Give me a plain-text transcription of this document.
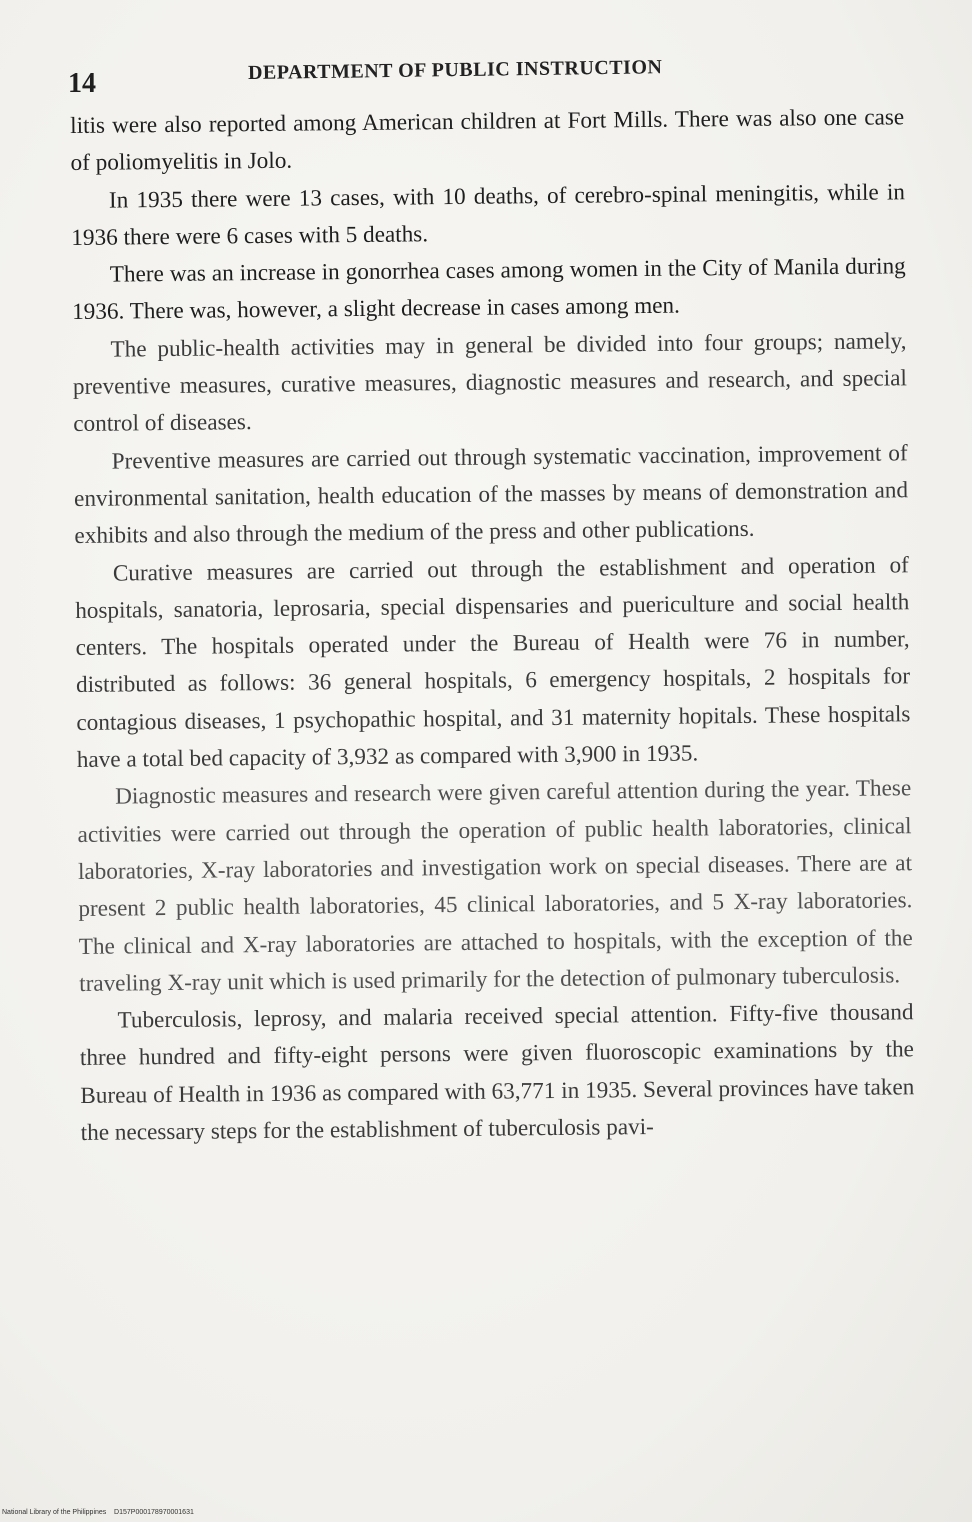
14	DEPARTMENT OF PUBLIC INSTRUCTION

litis were also reported among American children at Fort Mills. There was also one case of poliomyelitis in Jolo.

In 1935 there were 13 cases, with 10 deaths, of cerebro-spinal meningitis, while in 1936 there were 6 cases with 5 deaths.

There was an increase in gonorrhea cases among women in the City of Manila during 1936. There was, however, a slight decrease in cases among men.

The public-health activities may in general be divided into four groups; namely, preventive measures, curative measures, diagnostic measures and research, and special control of diseases.

Preventive measures are carried out through systematic vaccination, improvement of environmental sanitation, health education of the masses by means of demonstration and exhibits and also through the medium of the press and other publications.

Curative measures are carried out through the establishment and operation of hospitals, sanatoria, leprosaria, special dispensaries and puericulture and social health centers. The hospitals operated under the Bureau of Health were 76 in number, distributed as follows: 36 general hospitals, 6 emergency hospitals, 2 hospitals for contagious diseases, 1 psychopathic hospital, and 31 maternity hopitals. These hospitals have a total bed capacity of 3,932 as compared with 3,900 in 1935.

Diagnostic measures and research were given careful attention during the year. These activities were carried out through the operation of public health laboratories, clinical laboratories, X-ray laboratories and investigation work on special diseases. There are at present 2 public health laboratories, 45 clinical laboratories, and 5 X-ray laboratories. The clinical and X-ray laboratories are attached to hospitals, with the exception of the traveling X-ray unit which is used primarily for the detection of pulmonary tuberculosis.

Tuberculosis, leprosy, and malaria received special attention. Fifty-five thousand three hundred and fifty-eight persons were given fluoroscopic examinations by the Bureau of Health in 1936 as compared with 63,771 in 1935. Several provinces have taken the necessary steps for the establishment of tuberculosis pavi-

National Library of the Philippines    D157P000178970001631
